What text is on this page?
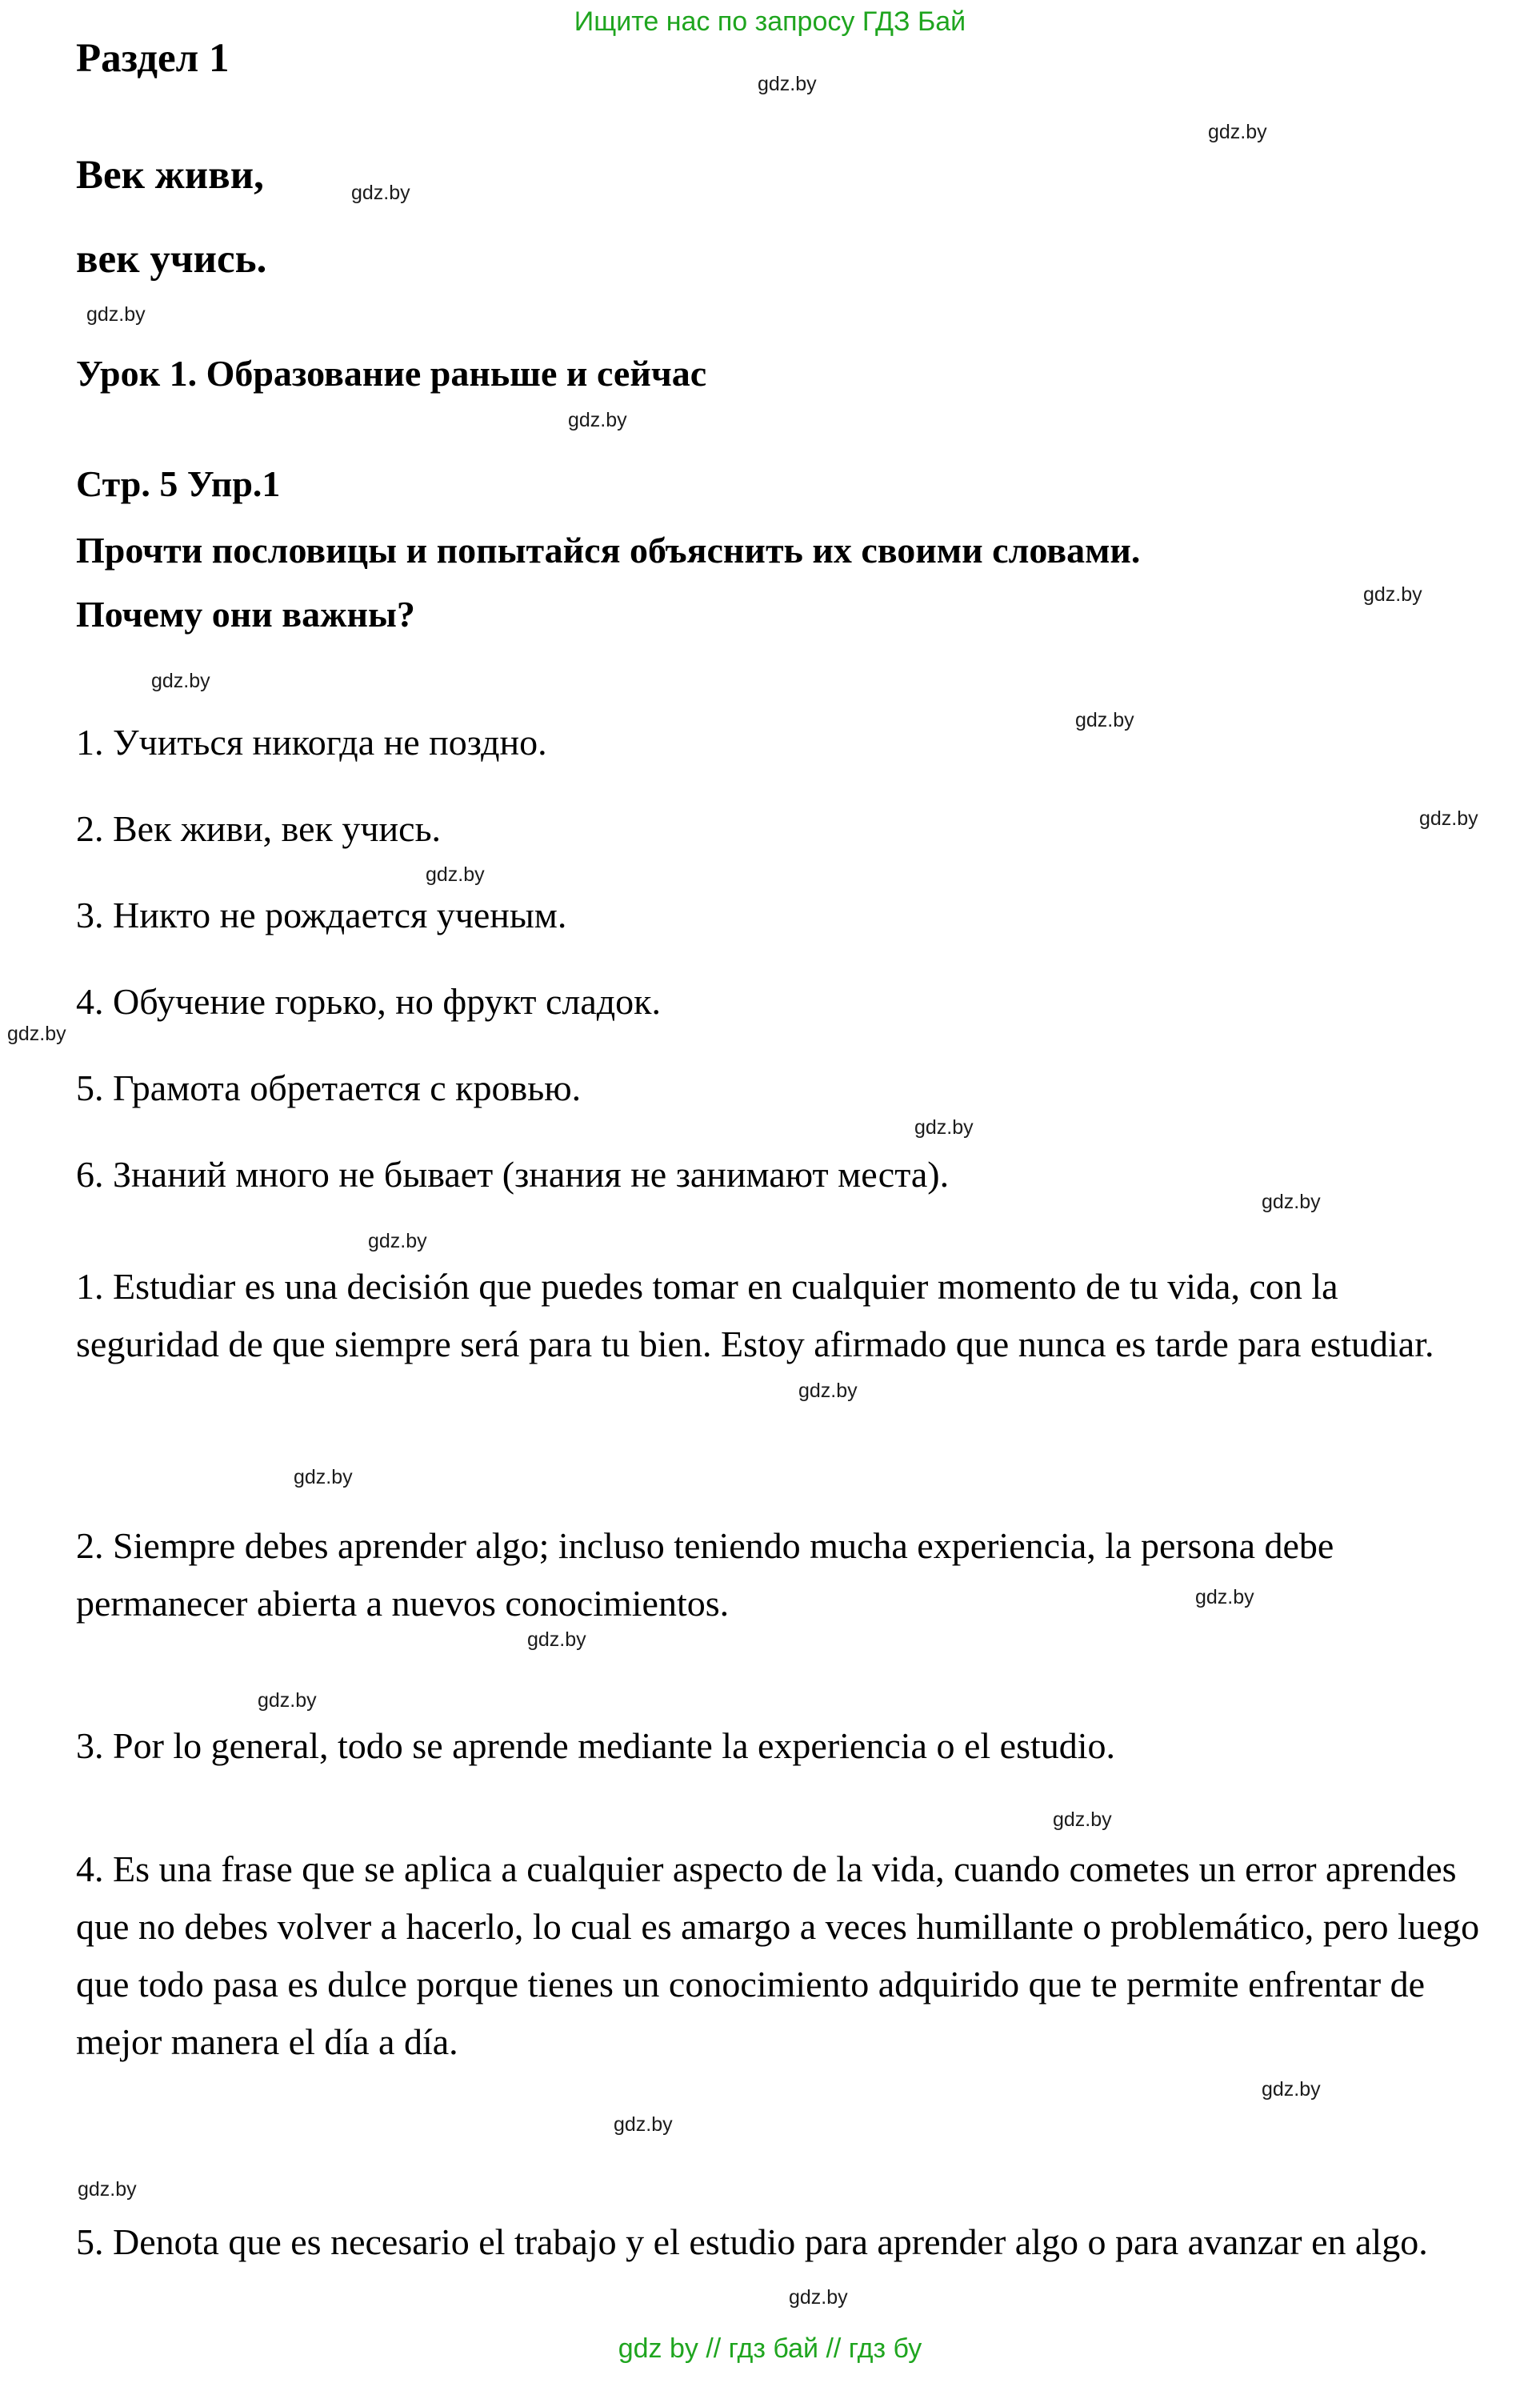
Ищите нас по запросу ГДЗ Бай
Раздел 1
Век живи,
век учись.
Урок 1. Образование раньше и сейчас
Стр. 5 Упр.1
Прочти пословицы и попытайся объяснить их своими словами.
Почему они важны?
1. Учиться никогда не поздно.
2. Век живи, век учись.
3. Никто не рождается ученым.
4. Обучение горько, но фрукт сладок.
5. Грамота обретается с кровью.
6. Знаний много не бывает (знания не занимают места).

1. Estudiar es una decisión que puedes tomar en cualquier momento de tu vida, con la seguridad de que siempre será para tu bien. Estoy afirmado que nunca es tarde para estudiar.

2. Siempre debes aprender algo; incluso teniendo mucha experiencia, la persona debe permanecer abierta a nuevos conocimientos.

3. Por lo general, todo se aprende mediante la experiencia o el estudio.

4. Es una frase que se aplica a cualquier aspecto de la vida, cuando cometes un error aprendes que no debes volver a hacerlo, lo cual es amargo a veces humillante o problemático, pero luego que todo pasa es dulce porque tienes un conocimiento adquirido que te permite enfrentar de mejor manera el día a día.

5. Denota que es necesario el trabajo y el estudio para aprender algo o para avanzar en algo.

gdz by // гдз бай // гдз бу
gdz.by
gdz.by
gdz.by
gdz.by
gdz.by
gdz.by
gdz.by
gdz.by
gdz.by
gdz.by
gdz.by
gdz.by
gdz.by
gdz.by
gdz.by
gdz.by
gdz.by
gdz.by
gdz.by
gdz.by
gdz.by
gdz.by
gdz.by
gdz.by
